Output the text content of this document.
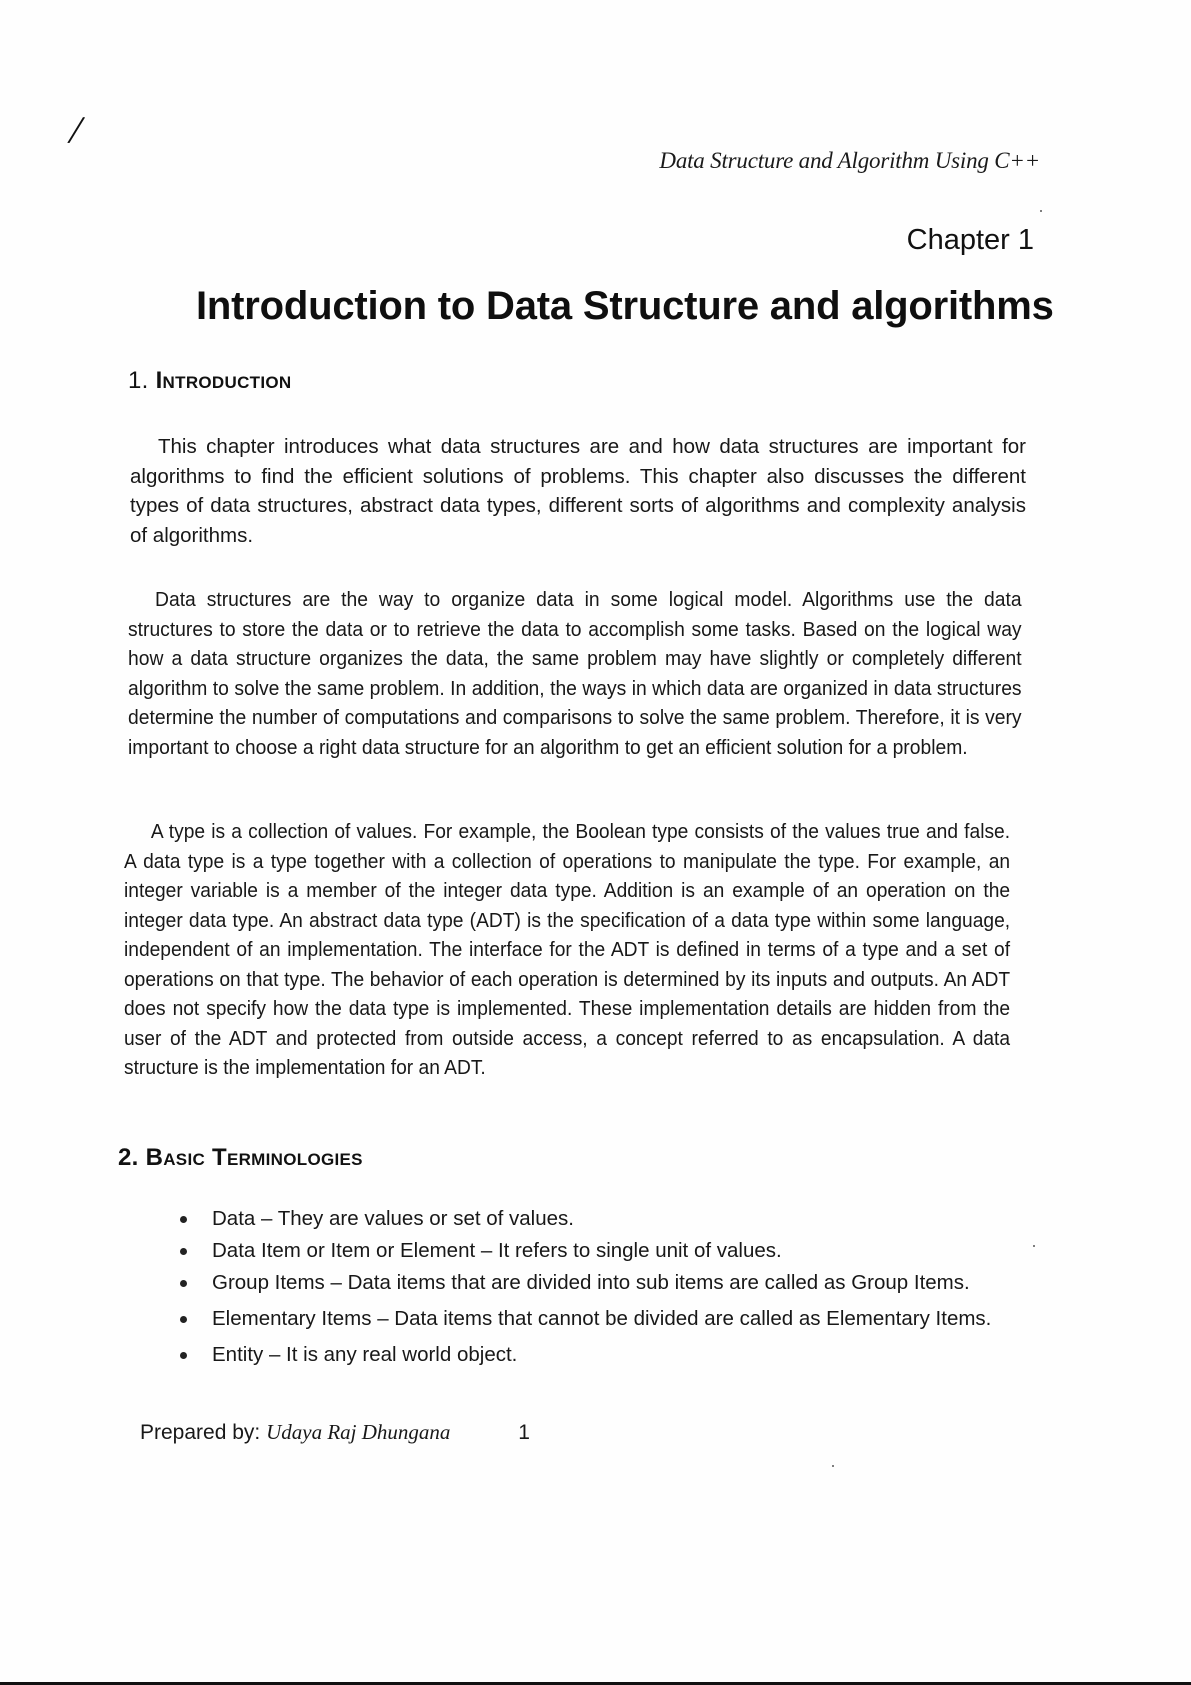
/
Data Structure and Algorithm Using C++
Chapter 1
Introduction to Data Structure and algorithms
1. Introduction

This chapter introduces what data structures are and how data structures are important for algorithms to find the efficient solutions of problems. This chapter also discusses the different types of data structures, abstract data types, different sorts of algorithms and complexity analysis of algorithms.

Data structures are the way to organize data in some logical model. Algorithms use the data structures to store the data or to retrieve the data to accomplish some tasks. Based on the logical way how a data structure organizes the data, the same problem may have slightly or completely different algorithm to solve the same problem. In addition, the ways in which data are organized in data structures determine the number of computations and comparisons to solve the same problem. Therefore, it is very important to choose a right data structure for an algorithm to get an efficient solution for a problem.

A type is a collection of values. For example, the Boolean type consists of the values true and false. A data type is a type together with a collection of operations to manipulate the type. For example, an integer variable is a member of the integer data type. Addition is an example of an operation on the integer data type. An abstract data type (ADT) is the specification of a data type within some language, independent of an implementation. The interface for the ADT is defined in terms of a type and a set of operations on that type. The behavior of each operation is determined by its inputs and outputs. An ADT does not specify how the data type is implemented. These implementation details are hidden from the user of the ADT and protected from outside access, a concept referred to as encapsulation. A data structure is the implementation for an ADT.

2. Basic Terminologies
Data – They are values or set of values.
Data Item or Item or Element – It refers to single unit of values.
Group Items – Data items that are divided into sub items are called as Group Items.
Elementary Items – Data items that cannot be divided are called as Elementary Items.
Entity – It is any real world object.
Prepared by: Udaya Raj Dhungana	1
